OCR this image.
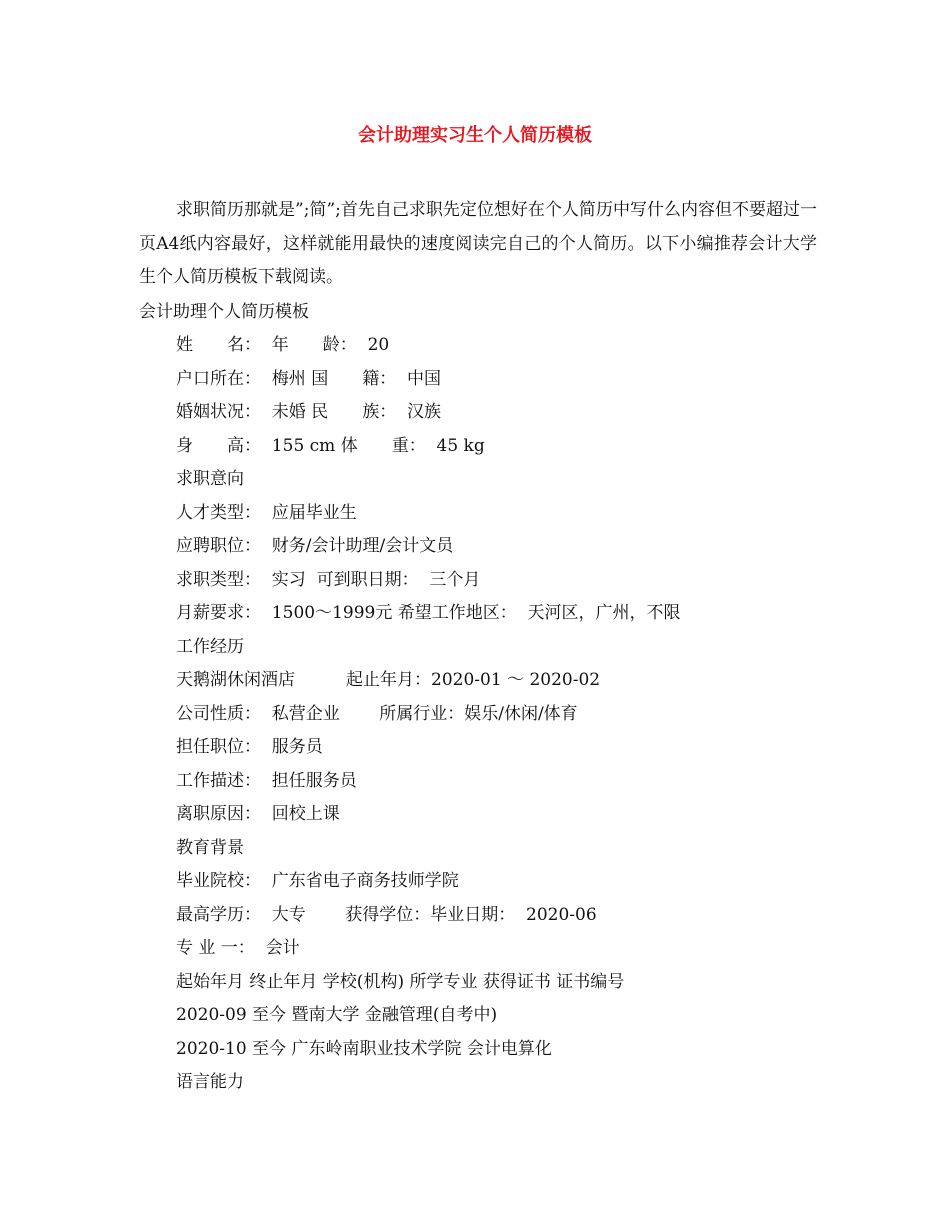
会计助理实习生个人简历模板

求职简历那就是”;简”;首先自己求职先定位想好在个人简历中写什么内容但不要超过一页A4纸内容最好，这样就能用最快的速度阅读完自己的个人简历。以下小编推荐会计大学生个人简历模板下载阅读。

会计助理个人简历模板

姓　　名：  年　　龄：  20
户口所在：  梅州 国　　籍：  中国
婚姻状况：  未婚 民　　族：  汉族
身　　高：  155 cm 体　　重：  45 kg
求职意向
人才类型：  应届毕业生
应聘职位：  财务/会计助理/会计文员
求职类型：  实习  可到职日期：  三个月
月薪要求：  1500～1999元 希望工作地区：  天河区，广州，不限
工作经历
天鹅湖休闲酒店　　　起止年月：2020-01 ～ 2020-02
公司性质：  私营企业　　 所属行业：娱乐/休闲/体育
担任职位：  服务员
工作描述：  担任服务员
离职原因：  回校上课
教育背景
毕业院校：  广东省电子商务技师学院
最高学历：  大专　　 获得学位：毕业日期：  2020-06
专 业 一：  会计
起始年月 终止年月 学校(机构) 所学专业 获得证书 证书编号
2020-09 至今 暨南大学 金融管理(自考中)
2020-10 至今 广东岭南职业技术学院 会计电算化
语言能力
